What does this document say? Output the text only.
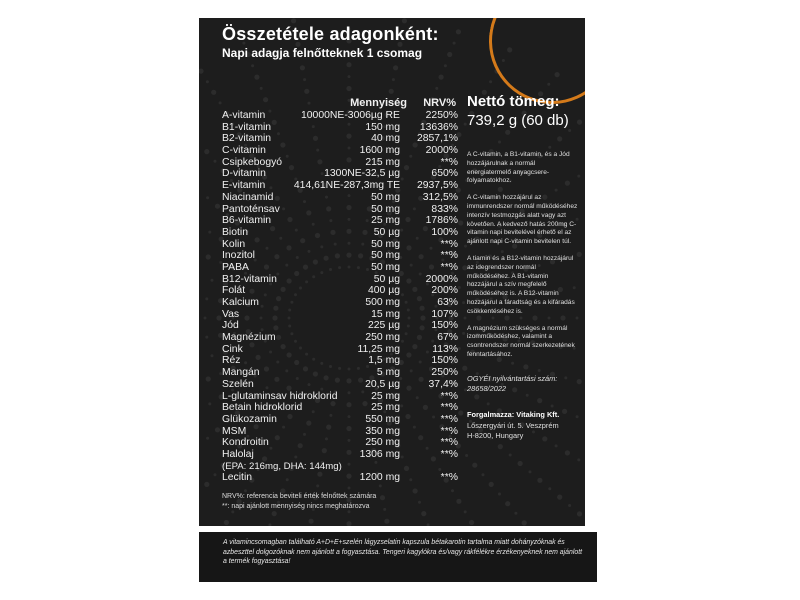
Összetétele adagonként:
Napi adagja felnőtteknek 1 csomag
Mennyiség	NRV%
A-vitamin	10000NE-3006µg RE 2250%
B1-vitamin	150 mg 13636%
B2-vitamin	40 mg 2857,1%
C-vitamin	1600 mg 2000%
Csipkebogyó	215 mg	**%
D-vitamin	1300NE-32,5 µg	650%
E-vitamin	414,61NE-287,3mg TE 2937,5%
Niacinamid	50 mg 312,5%
Pantoténsav	50 mg	833%
B6-vitamin	25 mg 1786%
Biotin	50 µg	100%
Kolin	50 mg	**%
Inozitol	50 mg	**%
PABA	50 mg	**%
B12-vitamin	50 µg 2000%
Folát	400 µg	200%
Kalcium	500 mg	63%
Vas	15 mg	107%
Jód	225 µg	150%
Magnézium	250 mg	67%
Cink	11,25 mg	113%
Réz	1,5 mg	150%
Mangán	5 mg	250%
Szelén	20,5 µg	37,4%
L-glutaminsav hidroklorid	25 mg	**%
Betain hidroklorid	25 mg	**%
Glükozamin	550 mg	**%
MSM	350 mg	**%
Kondroitin	250 mg	**%
Halolaj	1306 mg	**%
(EPA: 216mg, DHA: 144mg)
Lecitin	1200 mg	**%
NRV%: referencia beviteli érték felnőttek számára
**: napi ajánlott mennyiség nincs meghatározva
Nettó tömeg:
739,2 g (60 db)
A C-vitamin, a B1-vitamin, és a Jód hozzájárulnak a normál energiatermelő anyagcsere-folyamatokhoz.
A C-vitamin hozzájárul az immunrendszer normál működéséhez intenzív testmozgás alatt vagy azt követően. A kedvező hatás 200mg C-vitamin napi bevitelével érhető el az ajánlott napi C-vitamin bevitelen túl.
A tiamin és a B12-vitamin hozzájárul az idegrendszer normál működéséhez. A B1-vitamin hozzájárul a szív megfelelő működéséhez is. A B12-vitamin hozzájárul a fáradtság és a kifáradás csökkentéséhez is.
A magnézium szükséges a normál izomműködéshez, valamint a csontrendszer normál szerkezetének fenntartásához.
OGYÉI nyilvántartási szám: 28658/2022
Forgalmazza: Vitaking Kft.
Lőszergyári út. 5. Veszprém
H-8200, Hungary
A vitamincsomagban található A+D+E+szelén lágyzselatin kapszula bétakarotin tartalma miatt dohányzóknak és azbeszttel dolgozóknak nem ajánlott a fogyasztása. Tengeri kagylókra és/vagy rákfélékre érzékenyeknek nem ajánlott a termék fogyasztása!
